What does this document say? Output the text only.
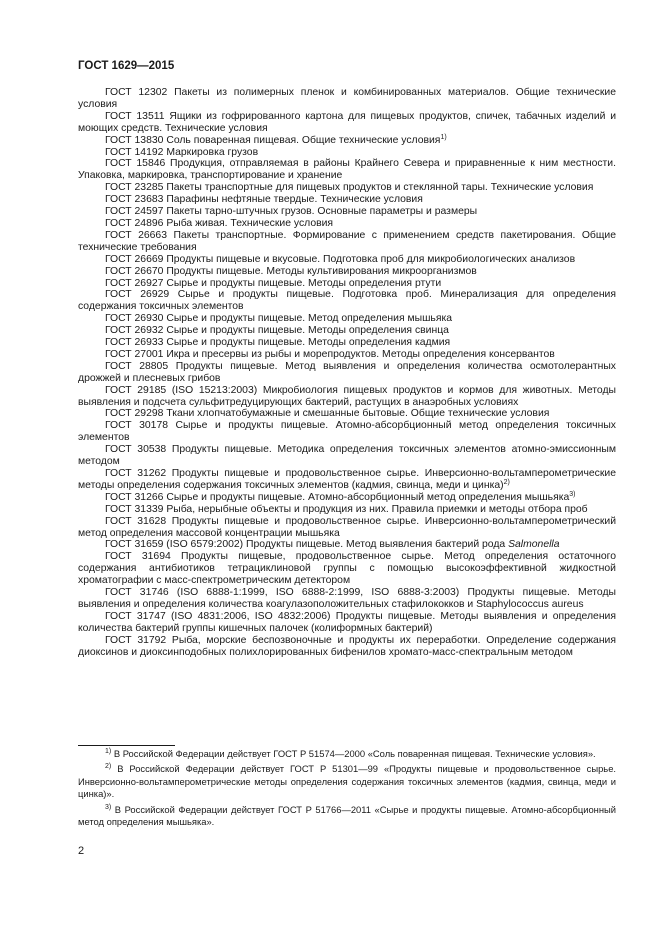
ГОСТ 1629—2015

ГОСТ 12302 Пакеты из полимерных пленок и комбинированных материалов. Общие технические условия

ГОСТ 13511 Ящики из гофрированного картона для пищевых продуктов, спичек, табачных изделий и моющих средств. Технические условия

ГОСТ 13830 Соль поваренная пищевая. Общие технические условия$^{1)}$

ГОСТ 14192 Маркировка грузов

ГОСТ 15846 Продукция, отправляемая в районы Крайнего Севера и приравненные к ним местности. Упаковка, маркировка, транспортирование и хранение

ГОСТ 23285 Пакеты транспортные для пищевых продуктов и стеклянной тары. Технические условия

ГОСТ 23683 Парафины нефтяные твердые. Технические условия

ГОСТ 24597 Пакеты тарно-штучных грузов. Основные параметры и размеры

ГОСТ 24896 Рыба живая. Технические условия

ГОСТ 26663 Пакеты транспортные. Формирование с применением средств пакетирования. Общие технические требования

ГОСТ 26669 Продукты пищевые и вкусовые. Подготовка проб для микробиологических анализов

ГОСТ 26670 Продукты пищевые. Методы культивирования микроорганизмов

ГОСТ 26927 Сырье и продукты пищевые. Методы определения ртути

ГОСТ 26929 Сырье и продукты пищевые. Подготовка проб. Минерализация для определения содержания токсичных элементов

ГОСТ 26930 Сырье и продукты пищевые. Метод определения мышьяка

ГОСТ 26932 Сырье и продукты пищевые. Методы определения свинца

ГОСТ 26933 Сырье и продукты пищевые. Методы определения кадмия

ГОСТ 27001 Икра и пресервы из рыбы и морепродуктов. Методы определения консервантов

ГОСТ 28805 Продукты пищевые. Метод выявления и определения количества осмотолерантных дрожжей и плесневых грибов

ГОСТ 29185 (ISO 15213:2003) Микробиология пищевых продуктов и кормов для животных. Методы выявления и подсчета сульфитредуцирующих бактерий, растущих в анаэробных условиях

ГОСТ 29298 Ткани хлопчатобумажные и смешанные бытовые. Общие технические условия

ГОСТ 30178 Сырье и продукты пищевые. Атомно-абсорбционный метод определения токсичных элементов

ГОСТ 30538 Продукты пищевые. Методика определения токсичных элементов атомно-эмиссионным методом

ГОСТ 31262 Продукты пищевые и продовольственное сырье. Инверсионно-вольтамперометрические методы определения содержания токсичных элементов (кадмия, свинца, меди и цинка)$^{2)}$

ГОСТ 31266 Сырье и продукты пищевые. Атомно-абсорбционный метод определения мышьяка$^{3)}$

ГОСТ 31339 Рыба, нерыбные объекты и продукция из них. Правила приемки и методы отбора проб

ГОСТ 31628 Продукты пищевые и продовольственное сырье. Инверсионно-вольтамперометрический метод определения массовой концентрации мышьяка

ГОСТ 31659 (ISO 6579:2002) Продукты пищевые. Метод выявления бактерий рода Salmonella

ГОСТ 31694 Продукты пищевые, продовольственное сырье. Метод определения остаточного содержания антибиотиков тетрациклиновой группы с помощью высокоэффективной жидкостной хроматографии с масс-спектрометрическим детектором

ГОСТ 31746 (ISO 6888-1:1999, ISO 6888-2:1999, ISO 6888-3:2003) Продукты пищевые. Методы выявления и определения количества коагулазоположительных стафилококков и Staphylococcus aureus

ГОСТ 31747 (ISO 4831:2006, ISO 4832:2006) Продукты пищевые. Методы выявления и определения количества бактерий группы кишечных палочек (колиформных бактерий)

ГОСТ 31792 Рыба, морские беспозвоночные и продукты их переработки. Определение содержания диоксинов и диоксинподобных полихлорированных бифенилов хромато-масс-спектральным методом

$^{1)}$ В Российской Федерации действует ГОСТ Р 51574—2000 «Соль поваренная пищевая. Технические условия».

$^{2)}$ В Российской Федерации действует ГОСТ Р 51301—99 «Продукты пищевые и продовольственное сырье. Инверсионно-вольтамперометрические методы определения содержания токсичных элементов (кадмия, свинца, меди и цинка)».

$^{3)}$ В Российской Федерации действует ГОСТ Р 51766—2011 «Сырье и продукты пищевые. Атомно-абсорбционный метод определения мышьяка».

2
